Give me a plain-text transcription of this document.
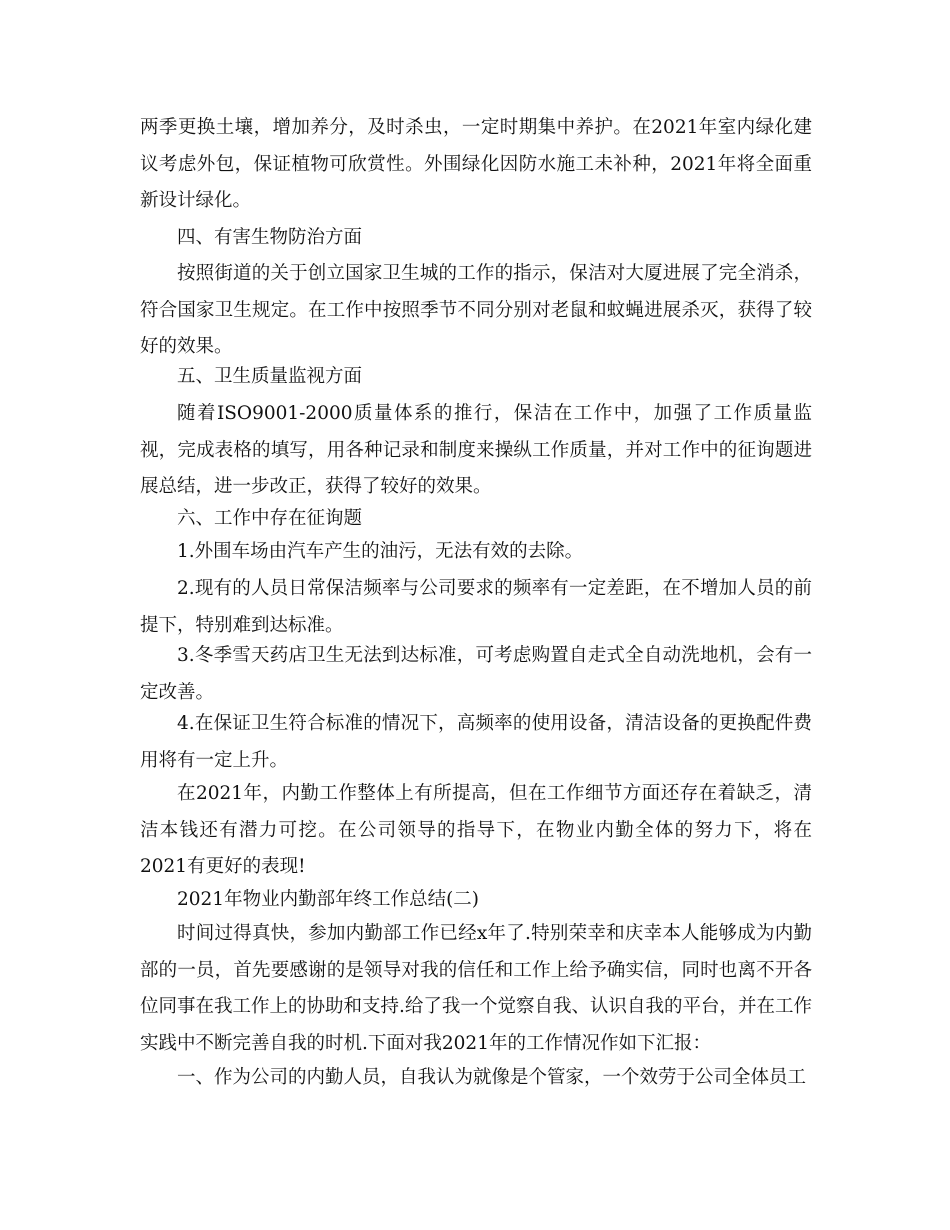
两季更换土壤，增加养分，及时杀虫，一定时期集中养护。在2021年室内绿化建议考虑外包，保证植物可欣赏性。外围绿化因防水施工未补种，2021年将全面重新设计绿化。

四、有害生物防治方面

按照街道的关于创立国家卫生城的工作的指示，保洁对大厦进展了完全消杀，符合国家卫生规定。在工作中按照季节不同分别对老鼠和蚊蝇进展杀灭，获得了较好的效果。

五、卫生质量监视方面

随着ISO9001-2000质量体系的推行，保洁在工作中，加强了工作质量监视，完成表格的填写，用各种记录和制度来操纵工作质量，并对工作中的征询题进展总结，进一步改正，获得了较好的效果。

六、工作中存在征询题

1.外围车场由汽车产生的油污，无法有效的去除。

2.现有的人员日常保洁频率与公司要求的频率有一定差距，在不增加人员的前提下，特别难到达标准。

3.冬季雪天药店卫生无法到达标准，可考虑购置自走式全自动洗地机，会有一定改善。

4.在保证卫生符合标准的情况下，高频率的使用设备，清洁设备的更换配件费用将有一定上升。

在2021年，内勤工作整体上有所提高，但在工作细节方面还存在着缺乏，清洁本钱还有潜力可挖。在公司领导的指导下，在物业内勤全体的努力下，将在2021有更好的表现!

2021年物业内勤部年终工作总结(二)

时间过得真快，参加内勤部工作已经x年了.特别荣幸和庆幸本人能够成为内勤部的一员，首先要感谢的是领导对我的信任和工作上给予确实信，同时也离不开各位同事在我工作上的协助和支持.给了我一个觉察自我、认识自我的平台，并在工作实践中不断完善自我的时机.下面对我2021年的工作情况作如下汇报：

一、作为公司的内勤人员，自我认为就像是个管家，一个效劳于公司全体员工
